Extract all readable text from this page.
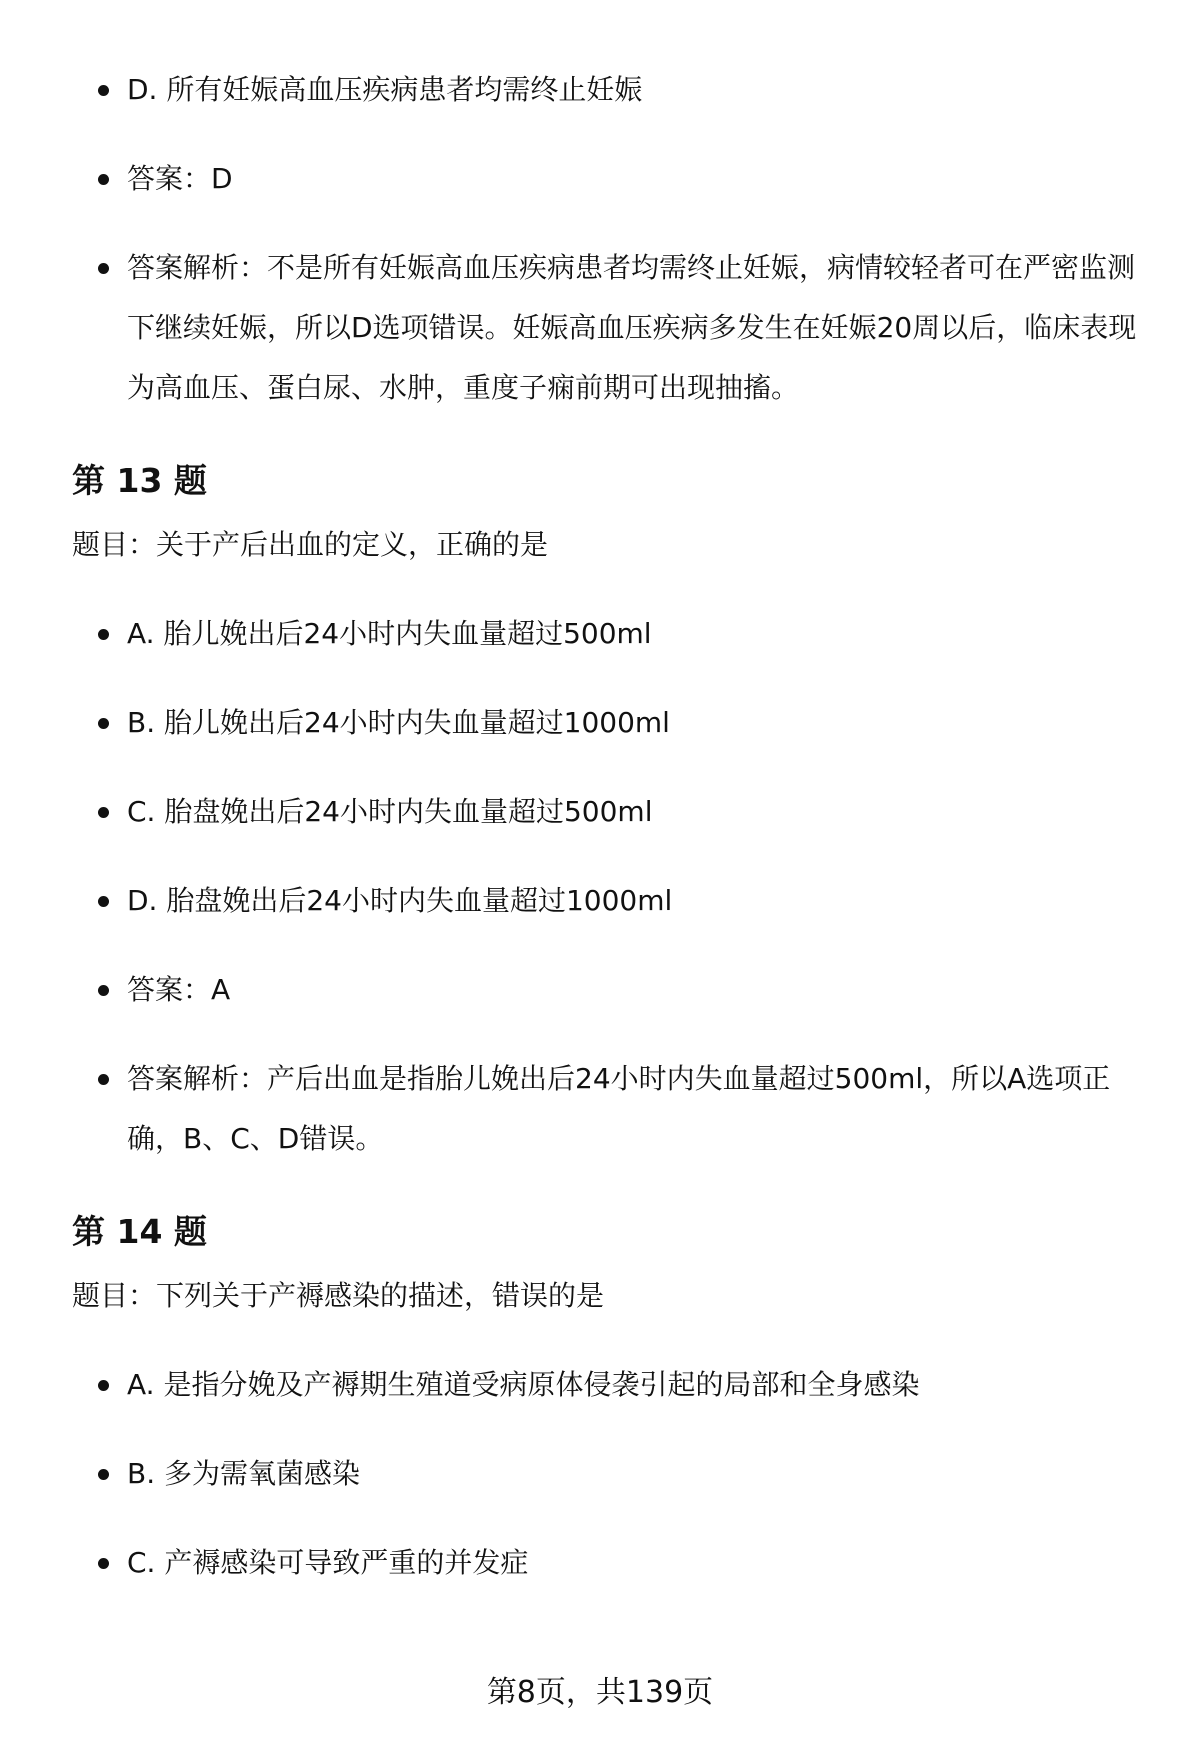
D. 所有妊娠高血压疾病患者均需终止妊娠
答案：D
答案解析：不是所有妊娠高血压疾病患者均需终止妊娠，病情较轻者可在严密监测下继续妊娠，所以D选项错误。妊娠高血压疾病多发生在妊娠20周以后，临床表现为高血压、蛋白尿、水肿，重度子痫前期可出现抽搐。
第 13 题
题目：关于产后出血的定义，正确的是
A. 胎儿娩出后24小时内失血量超过500ml
B. 胎儿娩出后24小时内失血量超过1000ml
C. 胎盘娩出后24小时内失血量超过500ml
D. 胎盘娩出后24小时内失血量超过1000ml
答案：A
答案解析：产后出血是指胎儿娩出后24小时内失血量超过500ml，所以A选项正确，B、C、D错误。
第 14 题
题目：下列关于产褥感染的描述，错误的是
A. 是指分娩及产褥期生殖道受病原体侵袭引起的局部和全身感染
B. 多为需氧菌感染
C. 产褥感染可导致严重的并发症
第8页，共139页
